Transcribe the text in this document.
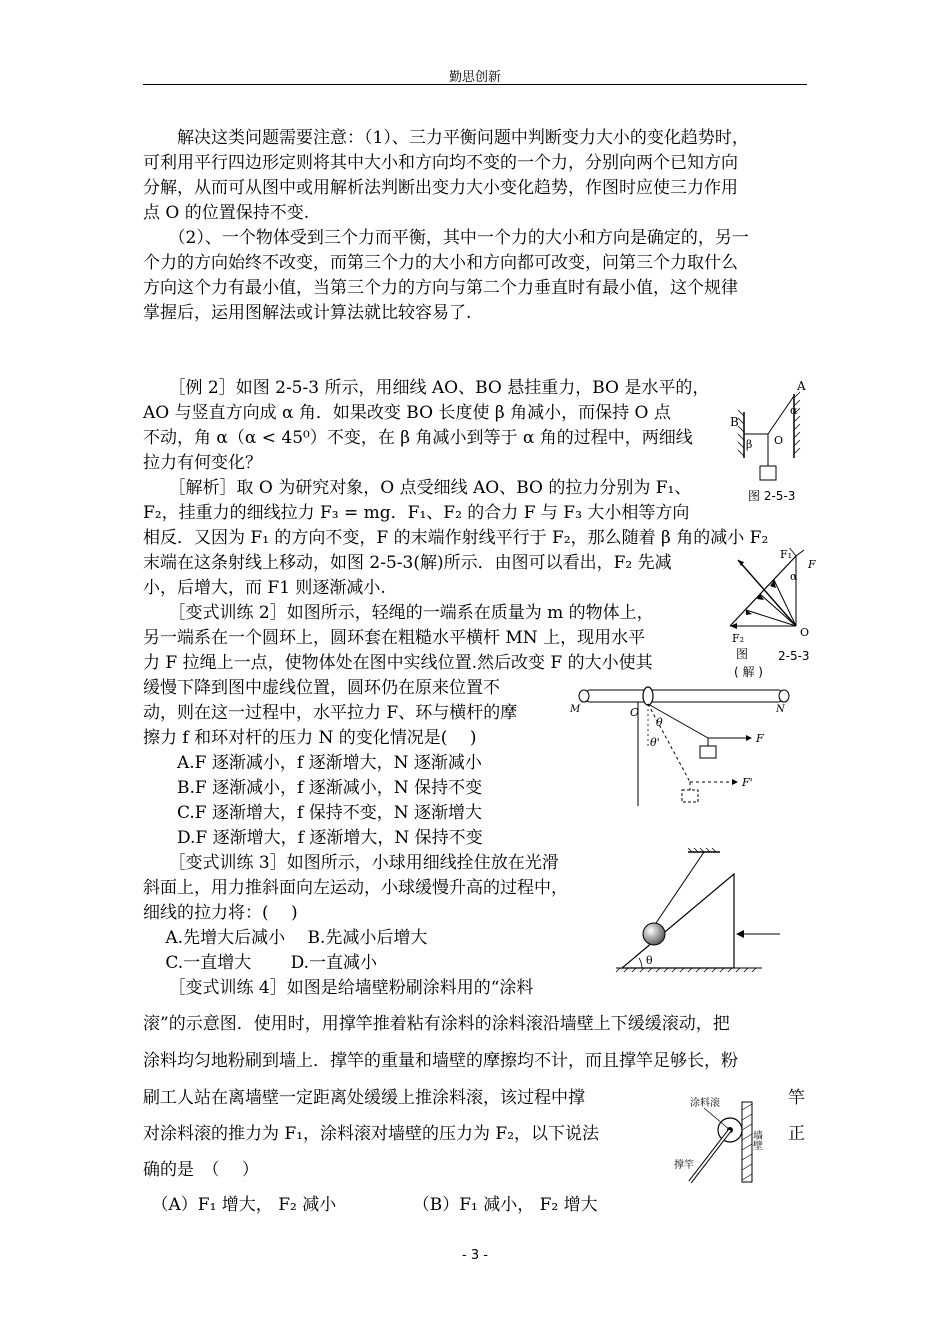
勤思创新
　　解决这类问题需要注意：（1）、三力平衡问题中判断变力大小的变化趋势时，
可利用平行四边形定则将其中大小和方向均不变的一个力，分别向两个已知方向
分解，从而可从图中或用解析法判断出变力大小变化趋势，作图时应使三力作用
点 O 的位置保持不变.
　　（2）、一个物体受到三个力而平衡，其中一个力的大小和方向是确定的，另一
个力的方向始终不改变，而第三个力的大小和方向都可改变，问第三个力取什么
方向这个力有最小值，当第三个力的方向与第二个力垂直时有最小值，这个规律
掌握后，运用图解法或计算法就比较容易了.
　　［例 2］如图 2-5-3 所示，用细线 AO、BO 悬挂重力，BO 是水平的，
AO 与竖直方向成 α 角．如果改变 BO 长度使 β 角减小，而保持 O 点
不动，角 α（α < 45⁰）不变，在 β 角减小到等于 α 角的过程中，两细线
拉力有何变化？
A
B
O
α
β
图 2-5-3
　　［解析］取 O 为研究对象，O 点受细线 AO、BO 的拉力分别为 F₁、
F₂，挂重力的细线拉力 F₃ = mg．F₁、F₂ 的合力 F 与 F₃ 大小相等方向
相反．又因为 F₁ 的方向不变，F 的末端作射线平行于 F₂，那么随着 β 角的减小 F₂
末端在这条射线上移动，如图 2-5-3(解)所示．由图可以看出，F₂ 先减
小，后增大，而 F1 则逐渐减小.
F₁
F
α
F₂	O
图 2-5-3
( 解 )
　　［变式训练 2］如图所示，轻绳的一端系在质量为 m 的物体上，
另一端系在一个圆环上，圆环套在粗糙水平横杆 MN 上，现用水平
力 F 拉绳上一点，使物体处在图中实线位置.然后改变 F 的大小使其
缓慢下降到图中虚线位置，圆环仍在原来位置不
动，则在这一过程中，水平拉力 F、环与横杆的摩
擦力 f 和环对杆的压力 N 的变化情况是(　 )
　　A.F 逐渐减小，f 逐渐增大，N 逐渐减小
　　B.F 逐渐减小，f 逐渐减小，N 保持不变
　　C.F 逐渐增大，f 保持不变，N 逐渐增大
　　D.F 逐渐增大，f 逐渐增大，N 保持不变
M	O	N
θ
θ'	F
F'
　　［变式训练 3］如图所示，小球用细线拴住放在光滑
斜面上，用力推斜面向左运动，小球缓慢升高的过程中，
细线的拉力将：(　 )
　 A.先增大后减小　 B.先减小后增大
　 C.一直增大　　 D.一直减小	θ
　　［变式训练 4］如图是给墙壁粉刷涂料用的“涂料
滚”的示意图．使用时，用撑竿推着粘有涂料的涂料滚沿墙壁上下缓缓滚动，把
涂料均匀地粉刷到墙上．撑竿的重量和墙壁的摩擦均不计，而且撑竿足够长，粉
刷工人站在离墙壁一定距离处缓缓上推涂料滚，该过程中撑
对涂料滚的推力为 F₁，涂料滚对墙壁的压力为 F₂，以下说法
确的是　（　 ）
竿
正
　（A）F₁ 增大， F₂ 减小　　　　　（B）F₁ 减小， F₂ 增大
涂料滚
墙壁
撑竿
- 3 -
